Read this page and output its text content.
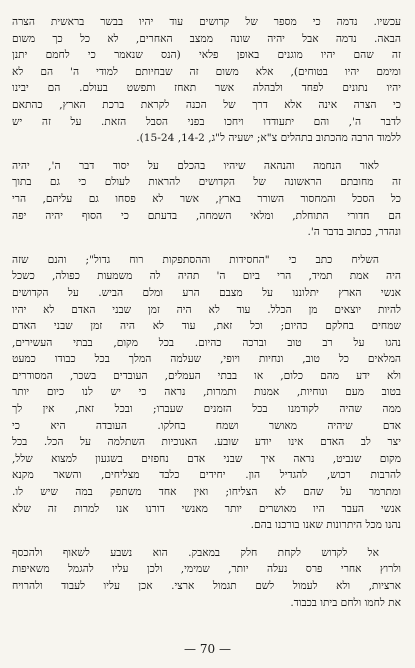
עכשיו. נדמה כי מספר של קדושים עוד יהיו בבשר בראשית הצרה
הבאה. נדמה אבל יהיה שונה ממצב האחרים, לא כל כך משום
זה שהם יהיו מוגנים באופן פלאי (הנס שנאמר כי לחמם יתנן
ומימם יהיו בטוחים), אלא משום זה שבחיותם למודי ה' הם לא
יהיו נתונים לפחד ולבהלה אשר תאחז ותפשט בעולם. הם יבינו
כי הצרה אינה אלא דרך של הכנה לקראת ברכת הארץ, כהתאם
לדבר ה', והם יתעודדו ויחכו בפני הסבל הזאת. על זה יש
ללמוד הרבה מהכתוב בתהלים צ"א; ישעיה ל"ג, 14-2, 15-24).
לאור הנחמה והנהאה שיהיו בהכלם על יסוד דבר ה', יהיה
זה מחובתם הראשונה של הקדושים להראות לעולם כי גם בתוך
כל הסכל והמחסור השורר בארץ, אשר לא פסחו גם עליהם, הרי
הם חדורי התוחלת, ומלאי השמחה, בדעתם כי הסוף יהיה יפה
ונהדר, ככתוב בדבר ה'.
השליח כתב כי "החסידות וההסתפקות רוח גדול"; והנם שזה
היה אמת תמיד, הרי ביום ה' תהיה לה משמעות כפולה, כשכל
אנשי הארץ יתלוננו על מצבם הרע ומלם הביש. על הקדושים
להיות יוצאים מן הכלל. עוד לא היה זמן שבני האדם לא יהיו
שמחים בחלקם כהיום; וכל זאת, עוד לא היה זמן שבני האדם
נהגו על רב טוב וברכה כהיום. בכל מקום, בבתי העשירים,
המלאים כל טוב, ונחיות ויופי, שעלמה המלך בכל כבודו כמעט
ולא ידע מהם כלום, או בבתי העמלים, העובדים בשכר, המסודרים
בטוב מעם ונוחיות, אמנות ותמרות, נראה כי יש לנו כיום יותר
ממה שהיה לקודמנו בכל הזמנים שעברו; ובכל זאת, אין לך
אדם שיהיה מאושר ושמח בחלקו. העובדה היא כי
יצר לב האדם אינו יודע שובע. האנוכיות השתלמה על הכל. בכל
מקום שנביט, נראה איך שבני אדם נחפזים בשגעון למצוא שלל,
להרבות רכוש, להגדיל הון. יחידים כלבד מצליחים, והשאר מקנא
ומתרמר על שהם לא הצליחו; ואין אחד משתפק במה שיש לו.
אנשי העבר היו מאושרים יותר מאנשי דורנו אנו למרות זה שלא
נהנו מכל היתרונות שאנו בורכנו בהם.
אל לקדוש לקחת חלק במאבק. הוא נשבע לשאוף ולהכסף
ולרוץ אחרי פרס נעלה יותר, שמימי, ולכן עליו להגמל משאיפות
ארציות, ולא לעמול לשם תגמול ארצי. אכן עליו לעבוד ולהרויח
את לחמו ולחם ביתו בכבוד.
— 70 —
